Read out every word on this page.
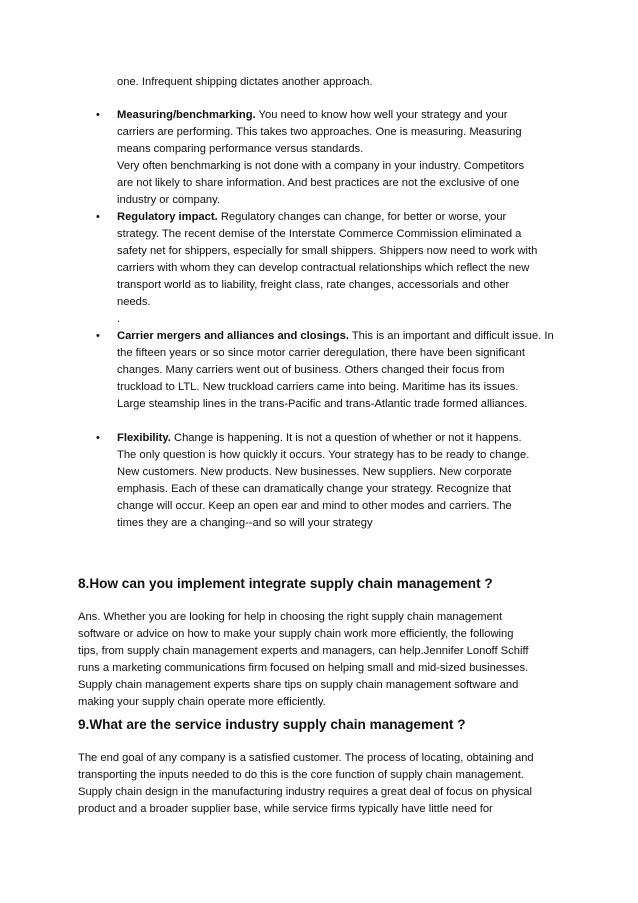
one. Infrequent shipping dictates another approach.
• Measuring/benchmarking. You need to know how well your strategy and your
carriers are performing. This takes two approaches. One is measuring. Measuring
means comparing performance versus standards.
Very often benchmarking is not done with a company in your industry. Competitors
are not likely to share information. And best practices are not the exclusive of one
industry or company.
• Regulatory impact. Regulatory changes can change, for better or worse, your
strategy. The recent demise of the Interstate Commerce Commission eliminated a
safety net for shippers, especially for small shippers. Shippers now need to work with
carriers with whom they can develop contractual relationships which reflect the new
transport world as to liability, freight class, rate changes, accessorials and other
needs.
.
• Carrier mergers and alliances and closings. This is an important and difficult issue. In
the fifteen years or so since motor carrier deregulation, there have been significant
changes. Many carriers went out of business. Others changed their focus from
truckload to LTL. New truckload carriers came into being. Maritime has its issues.
Large steamship lines in the trans-Pacific and trans-Atlantic trade formed alliances.
• Flexibility. Change is happening. It is not a question of whether or not it happens.
The only question is how quickly it occurs. Your strategy has to be ready to change.
New customers. New products. New businesses. New suppliers. New corporate
emphasis. Each of these can dramatically change your strategy. Recognize that
change will occur. Keep an open ear and mind to other modes and carriers. The
times they are a changing--and so will your strategy
8.How can you implement integrate supply chain management ?

Ans. Whether you are looking for help in choosing the right supply chain management
software or advice on how to make your supply chain work more efficiently, the following
tips, from supply chain management experts and managers, can help.Jennifer Lonoff Schiff
runs a marketing communications firm focused on helping small and mid-sized businesses.
Supply chain management experts share tips on supply chain management software and
making your supply chain operate more efficiently.

9.What are the service industry supply chain management ?

The end goal of any company is a satisfied customer. The process of locating, obtaining and
transporting the inputs needed to do this is the core function of supply chain management.
Supply chain design in the manufacturing industry requires a great deal of focus on physical
product and a broader supplier base, while service firms typically have little need for
